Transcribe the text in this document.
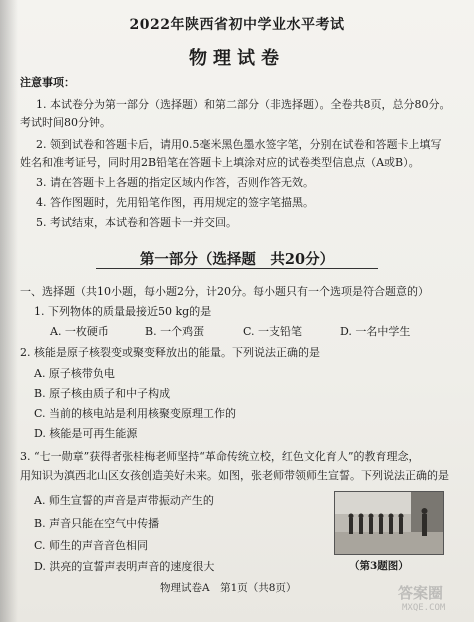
2022年陕西省初中学业水平考试
物理试卷
注意事项：
1. 本试卷分为第一部分（选择题）和第二部分（非选择题）。全卷共8页，总分80分。
考试时间80分钟。
2. 领到试卷和答题卡后，请用0.5毫米黑色墨水签字笔，分别在试卷和答题卡上填写
姓名和准考证号，同时用2B铅笔在答题卡上填涂对应的试卷类型信息点（A或B）。
3. 请在答题卡上各题的指定区域内作答，否则作答无效。
4. 答作图题时，先用铅笔作图，再用规定的签字笔描黑。
5. 考试结束，本试卷和答题卡一并交回。
第一部分（选择题　共20分）
一、选择题（共10小题，每小题2分，计20分。每小题只有一个选项是符合题意的）
1. 下列物体的质量最接近50 kg的是
A. 一枚硬币	B. 一个鸡蛋	C. 一支铅笔	D. 一名中学生
2. 核能是原子核裂变或聚变释放出的能量。下列说法正确的是
A. 原子核带负电
B. 原子核由质子和中子构成
C. 当前的核电站是利用核聚变原理工作的
D. 核能是可再生能源
3. “七一勋章”获得者张桂梅老师坚持“革命传统立校，红色文化育人”的教育理念，
用知识为滇西北山区女孩创造美好未来。如图，张老师带领师生宣誓。下列说法正确的是
A. 师生宣誓的声音是声带振动产生的
B. 声音只能在空气中传播
C. 师生的声音音色相同
D. 洪亮的宣誓声表明声音的速度很大	（第3题图）
物理试卷A　第1页（共8页）	答案圈
MXQE.COM
